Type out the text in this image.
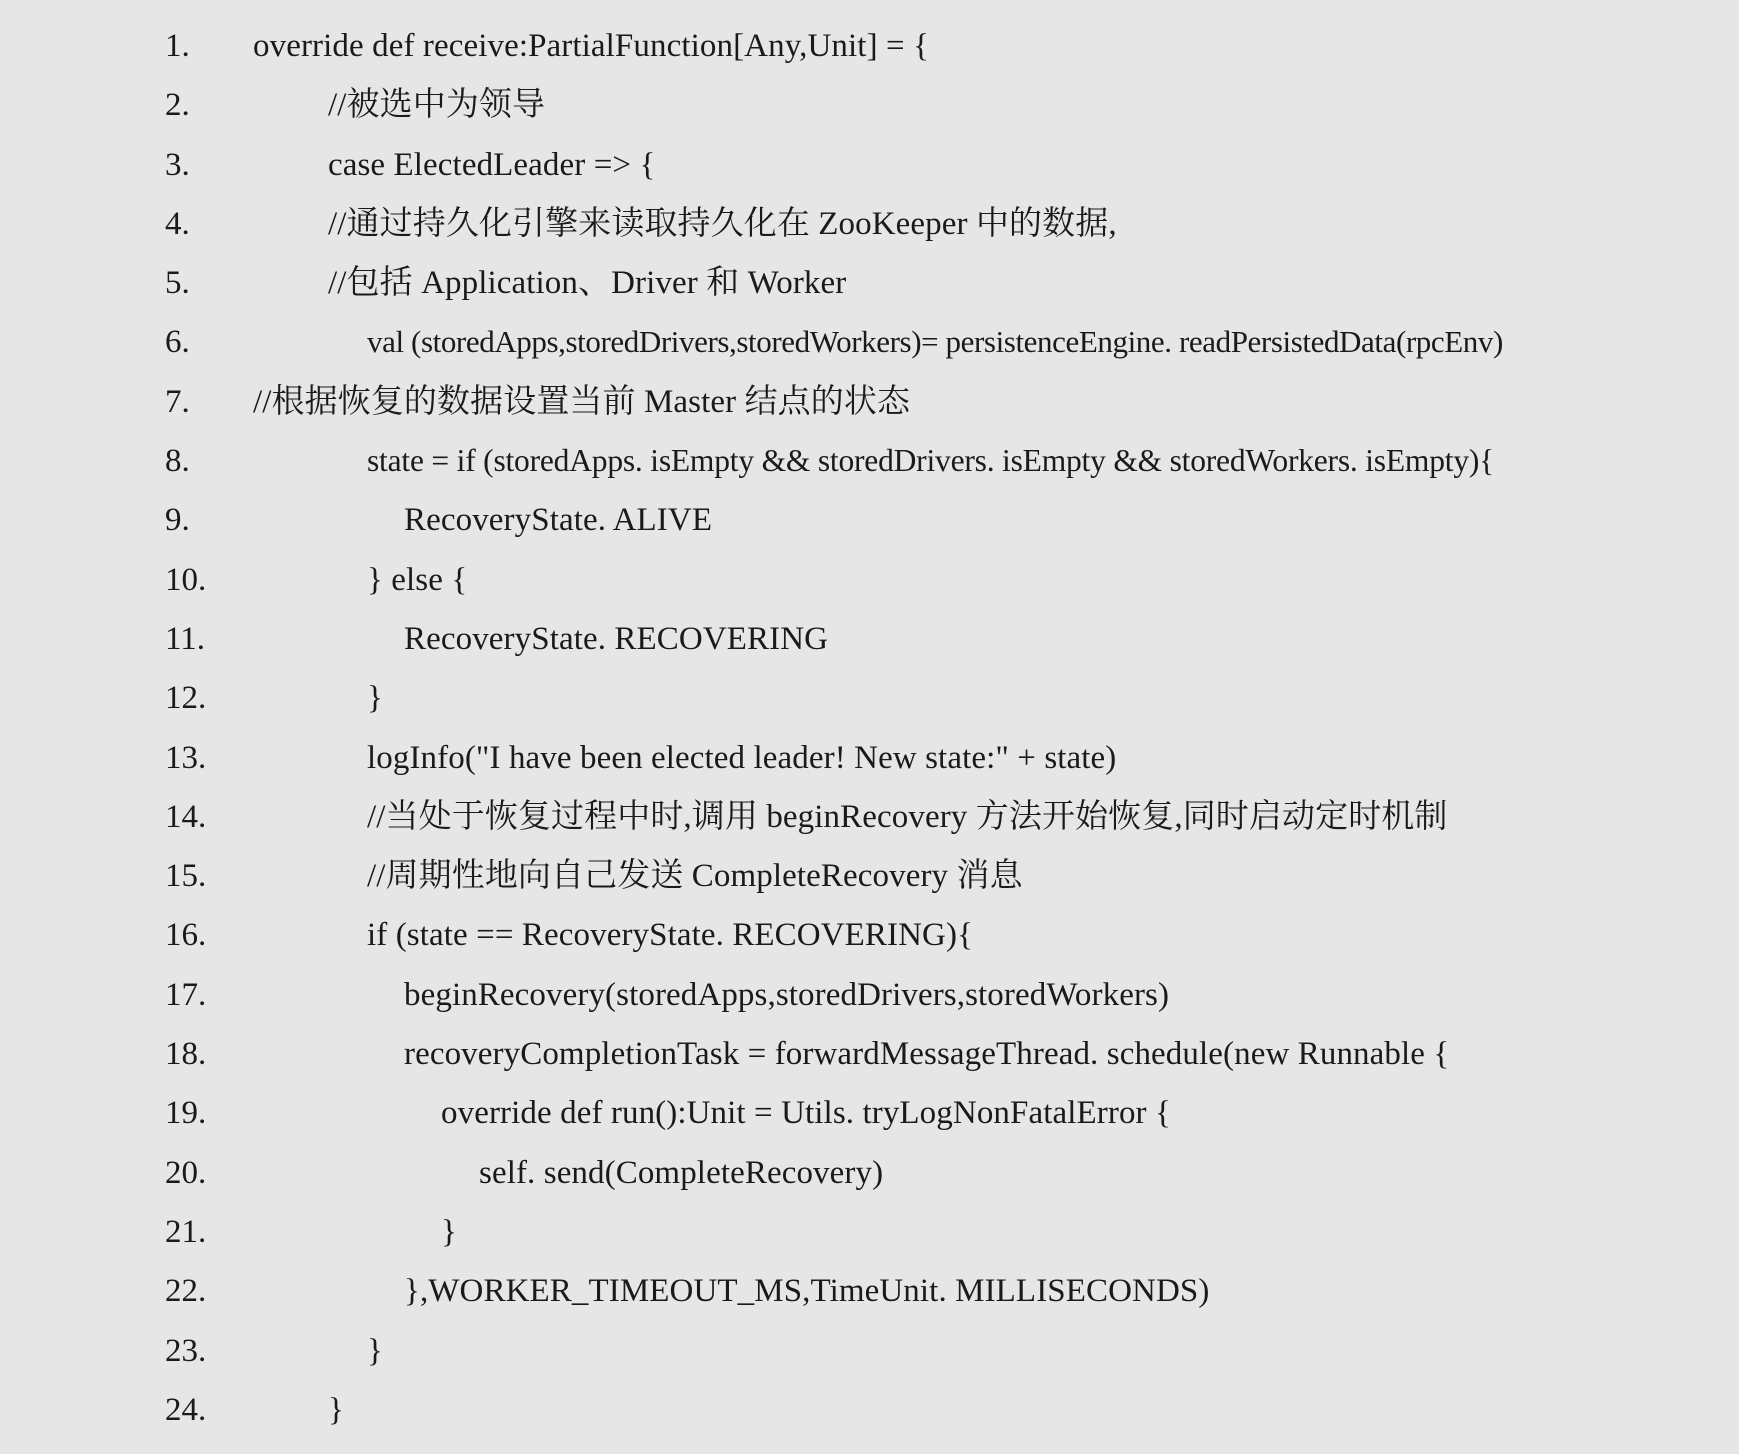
1.

override def receive:PartialFunction[Any,Unit] = {

2.

	//被选中为领导

3.

	case ElectedLeader => {

4.

	//通过持久化引擎来读取持久化在 ZooKeeper 中的数据,

5.

	//包括 Application、Driver 和 Worker

6.

	val (storedApps,storedDrivers,storedWorkers)= persistenceEngine. readPersistedData(rpcEnv)

7.

//根据恢复的数据设置当前 Master 结点的状态

8.

	state = if (storedApps. isEmpty && storedDrivers. isEmpty && storedWorkers. isEmpty){

9.

	RecoveryState. ALIVE

10.

	} else {

11.

	RecoveryState. RECOVERING

12.

	}

13.

	logInfo("I have been elected leader! New state:" + state)

14.

	//当处于恢复过程中时,调用 beginRecovery 方法开始恢复,同时启动定时机制

15.

	//周期性地向自己发送 CompleteRecovery 消息

16.

	if (state == RecoveryState. RECOVERING){

17.

	beginRecovery(storedApps,storedDrivers,storedWorkers)

18.

	recoveryCompletionTask = forwardMessageThread. schedule(new Runnable {

19.

	override def run():Unit = Utils. tryLogNonFatalError {

20.

	self. send(CompleteRecovery)

21.

	}

22.

	},WORKER_TIMEOUT_MS,TimeUnit. MILLISECONDS)

23.

	}

24.

	}
